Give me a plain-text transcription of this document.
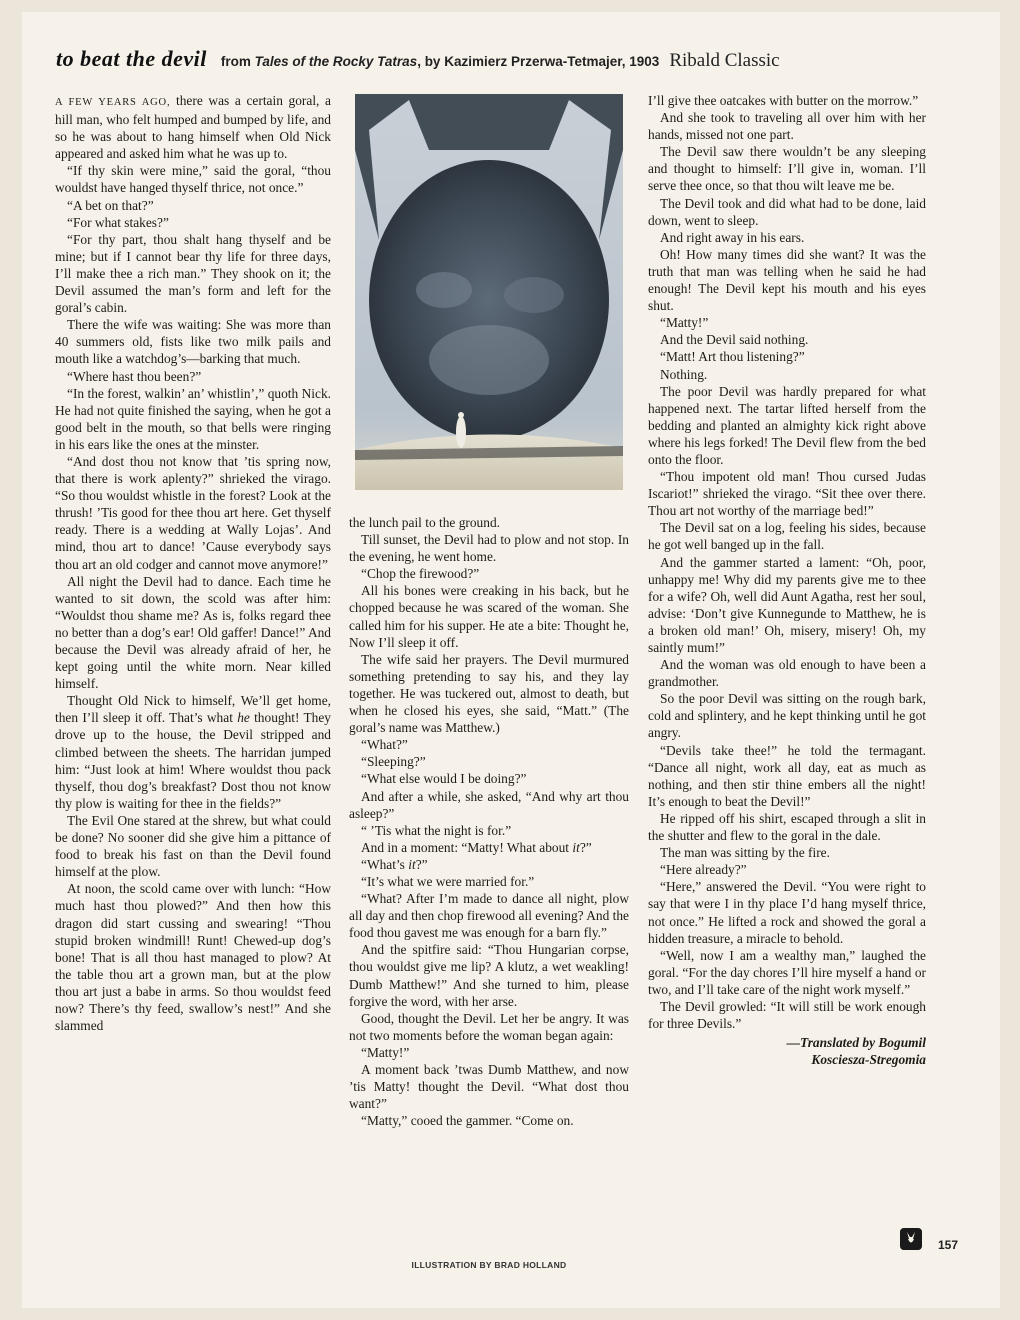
to beat the devil from Tales of the Rocky Tatras, by Kazimierz Przerwa-Tetmajer, 1903 Ribald Classic

A FEW YEARS AGO, there was a certain goral, a hill man, who felt humped and bumped by life, and so he was about to hang himself when Old Nick appeared and asked him what he was up to.

“If thy skin were mine,” said the goral, “thou wouldst have hanged thyself thrice, not once.”

“A bet on that?”

“For what stakes?”

“For thy part, thou shalt hang thyself and be mine; but if I cannot bear thy life for three days, I’ll make thee a rich man.” They shook on it; the Devil assumed the man’s form and left for the goral’s cabin.

There the wife was waiting: She was more than 40 summers old, fists like two milk pails and mouth like a watchdog’s—barking that much.

“Where hast thou been?”

“In the forest, walkin’ an’ whistlin’,” quoth Nick. He had not quite finished the saying, when he got a good belt in the mouth, so that bells were ringing in his ears like the ones at the minster.

“And dost thou not know that ’tis spring now, that there is work aplenty?” shrieked the virago. “So thou wouldst whistle in the forest? Look at the thrush! ’Tis good for thee thou art here. Get thyself ready. There is a wedding at Wally Lojas’. And mind, thou art to dance! ’Cause everybody says thou art an old codger and cannot move anymore!”

All night the Devil had to dance. Each time he wanted to sit down, the scold was after him: “Wouldst thou shame me? As is, folks regard thee no better than a dog’s ear! Old gaffer! Dance!” And because the Devil was already afraid of her, he kept going until the white morn. Near killed himself.

Thought Old Nick to himself, We’ll get home, then I’ll sleep it off. That’s what he thought! They drove up to the house, the Devil stripped and climbed between the sheets. The harridan jumped him: “Just look at him! Where wouldst thou pack thyself, thou dog’s breakfast? Dost thou not know thy plow is waiting for thee in the fields?”

The Evil One stared at the shrew, but what could be done? No sooner did she give him a pittance of food to break his fast on than the Devil found himself at the plow.

At noon, the scold came over with lunch: “How much hast thou plowed?” And then how this dragon did start cussing and swearing! “Thou stupid broken windmill! Runt! Chewed-up dog’s bone! That is all thou hast managed to plow? At the table thou art a grown man, but at the plow thou art just a babe in arms. So thou wouldst feed now? There’s thy feed, swallow’s nest!” And she slammed

the lunch pail to the ground.

Till sunset, the Devil had to plow and not stop. In the evening, he went home.

“Chop the firewood?”

All his bones were creaking in his back, but he chopped because he was scared of the woman. She called him for his supper. He ate a bite: Thought he, Now I’ll sleep it off.

The wife said her prayers. The Devil murmured something pretending to say his, and they lay together. He was tuckered out, almost to death, but when he closed his eyes, she said, “Matt.” (The goral’s name was Matthew.)

“What?”

“Sleeping?”

“What else would I be doing?”

And after a while, she asked, “And why art thou asleep?”

“ ’Tis what the night is for.”

And in a moment: “Matty! What about it?”

“What’s it?”

“It’s what we were married for.”

“What? After I’m made to dance all night, plow all day and then chop firewood all evening? And the food thou gavest me was enough for a barn fly.”

And the spitfire said: “Thou Hungarian corpse, thou wouldst give me lip? A klutz, a wet weakling! Dumb Matthew!” And she turned to him, please forgive the word, with her arse.

Good, thought the Devil. Let her be angry. It was not two moments before the woman began again:

“Matty!”

A moment back ’twas Dumb Matthew, and now ’tis Matty! thought the Devil. “What dost thou want?”

“Matty,” cooed the gammer. “Come on.

ILLUSTRATION BY BRAD HOLLAND

I’ll give thee oatcakes with butter on the morrow.”

And she took to traveling all over him with her hands, missed not one part.

The Devil saw there wouldn’t be any sleeping and thought to himself: I’ll give in, woman. I’ll serve thee once, so that thou wilt leave me be.

The Devil took and did what had to be done, laid down, went to sleep.

And right away in his ears.

Oh! How many times did she want? It was the truth that man was telling when he said he had enough! The Devil kept his mouth and his eyes shut.

“Matty!”

And the Devil said nothing.

“Matt! Art thou listening?”

Nothing.

The poor Devil was hardly prepared for what happened next. The tartar lifted herself from the bedding and planted an almighty kick right above where his legs forked! The Devil flew from the bed onto the floor.

“Thou impotent old man! Thou cursed Judas Iscariot!” shrieked the virago. “Sit thee over there. Thou art not worthy of the marriage bed!”

The Devil sat on a log, feeling his sides, because he got well banged up in the fall.

And the gammer started a lament: “Oh, poor, unhappy me! Why did my parents give me to thee for a wife? Oh, well did Aunt Agatha, rest her soul, advise: ‘Don’t give Kunnegunde to Matthew, he is a broken old man!’ Oh, misery, misery! Oh, my saintly mum!”

And the woman was old enough to have been a grandmother.

So the poor Devil was sitting on the rough bark, cold and splintery, and he kept thinking until he got angry.

“Devils take thee!” he told the termagant. “Dance all night, work all day, eat as much as nothing, and then stir thine embers all the night! It’s enough to beat the Devil!”

He ripped off his shirt, escaped through a slit in the shutter and flew to the goral in the dale.

The man was sitting by the fire.

“Here already?”

“Here,” answered the Devil. “You were right to say that were I in thy place I’d hang myself thrice, not once.” He lifted a rock and showed the goral a hidden treasure, a miracle to behold.

“Well, now I am a wealthy man,” laughed the goral. “For the day chores I’ll hire myself a hand or two, and I’ll take care of the night work myself.”

The Devil growled: “It will still be work enough for three Devils.”

—Translated by Bogumil
Kosciesza-Stregomia
157
